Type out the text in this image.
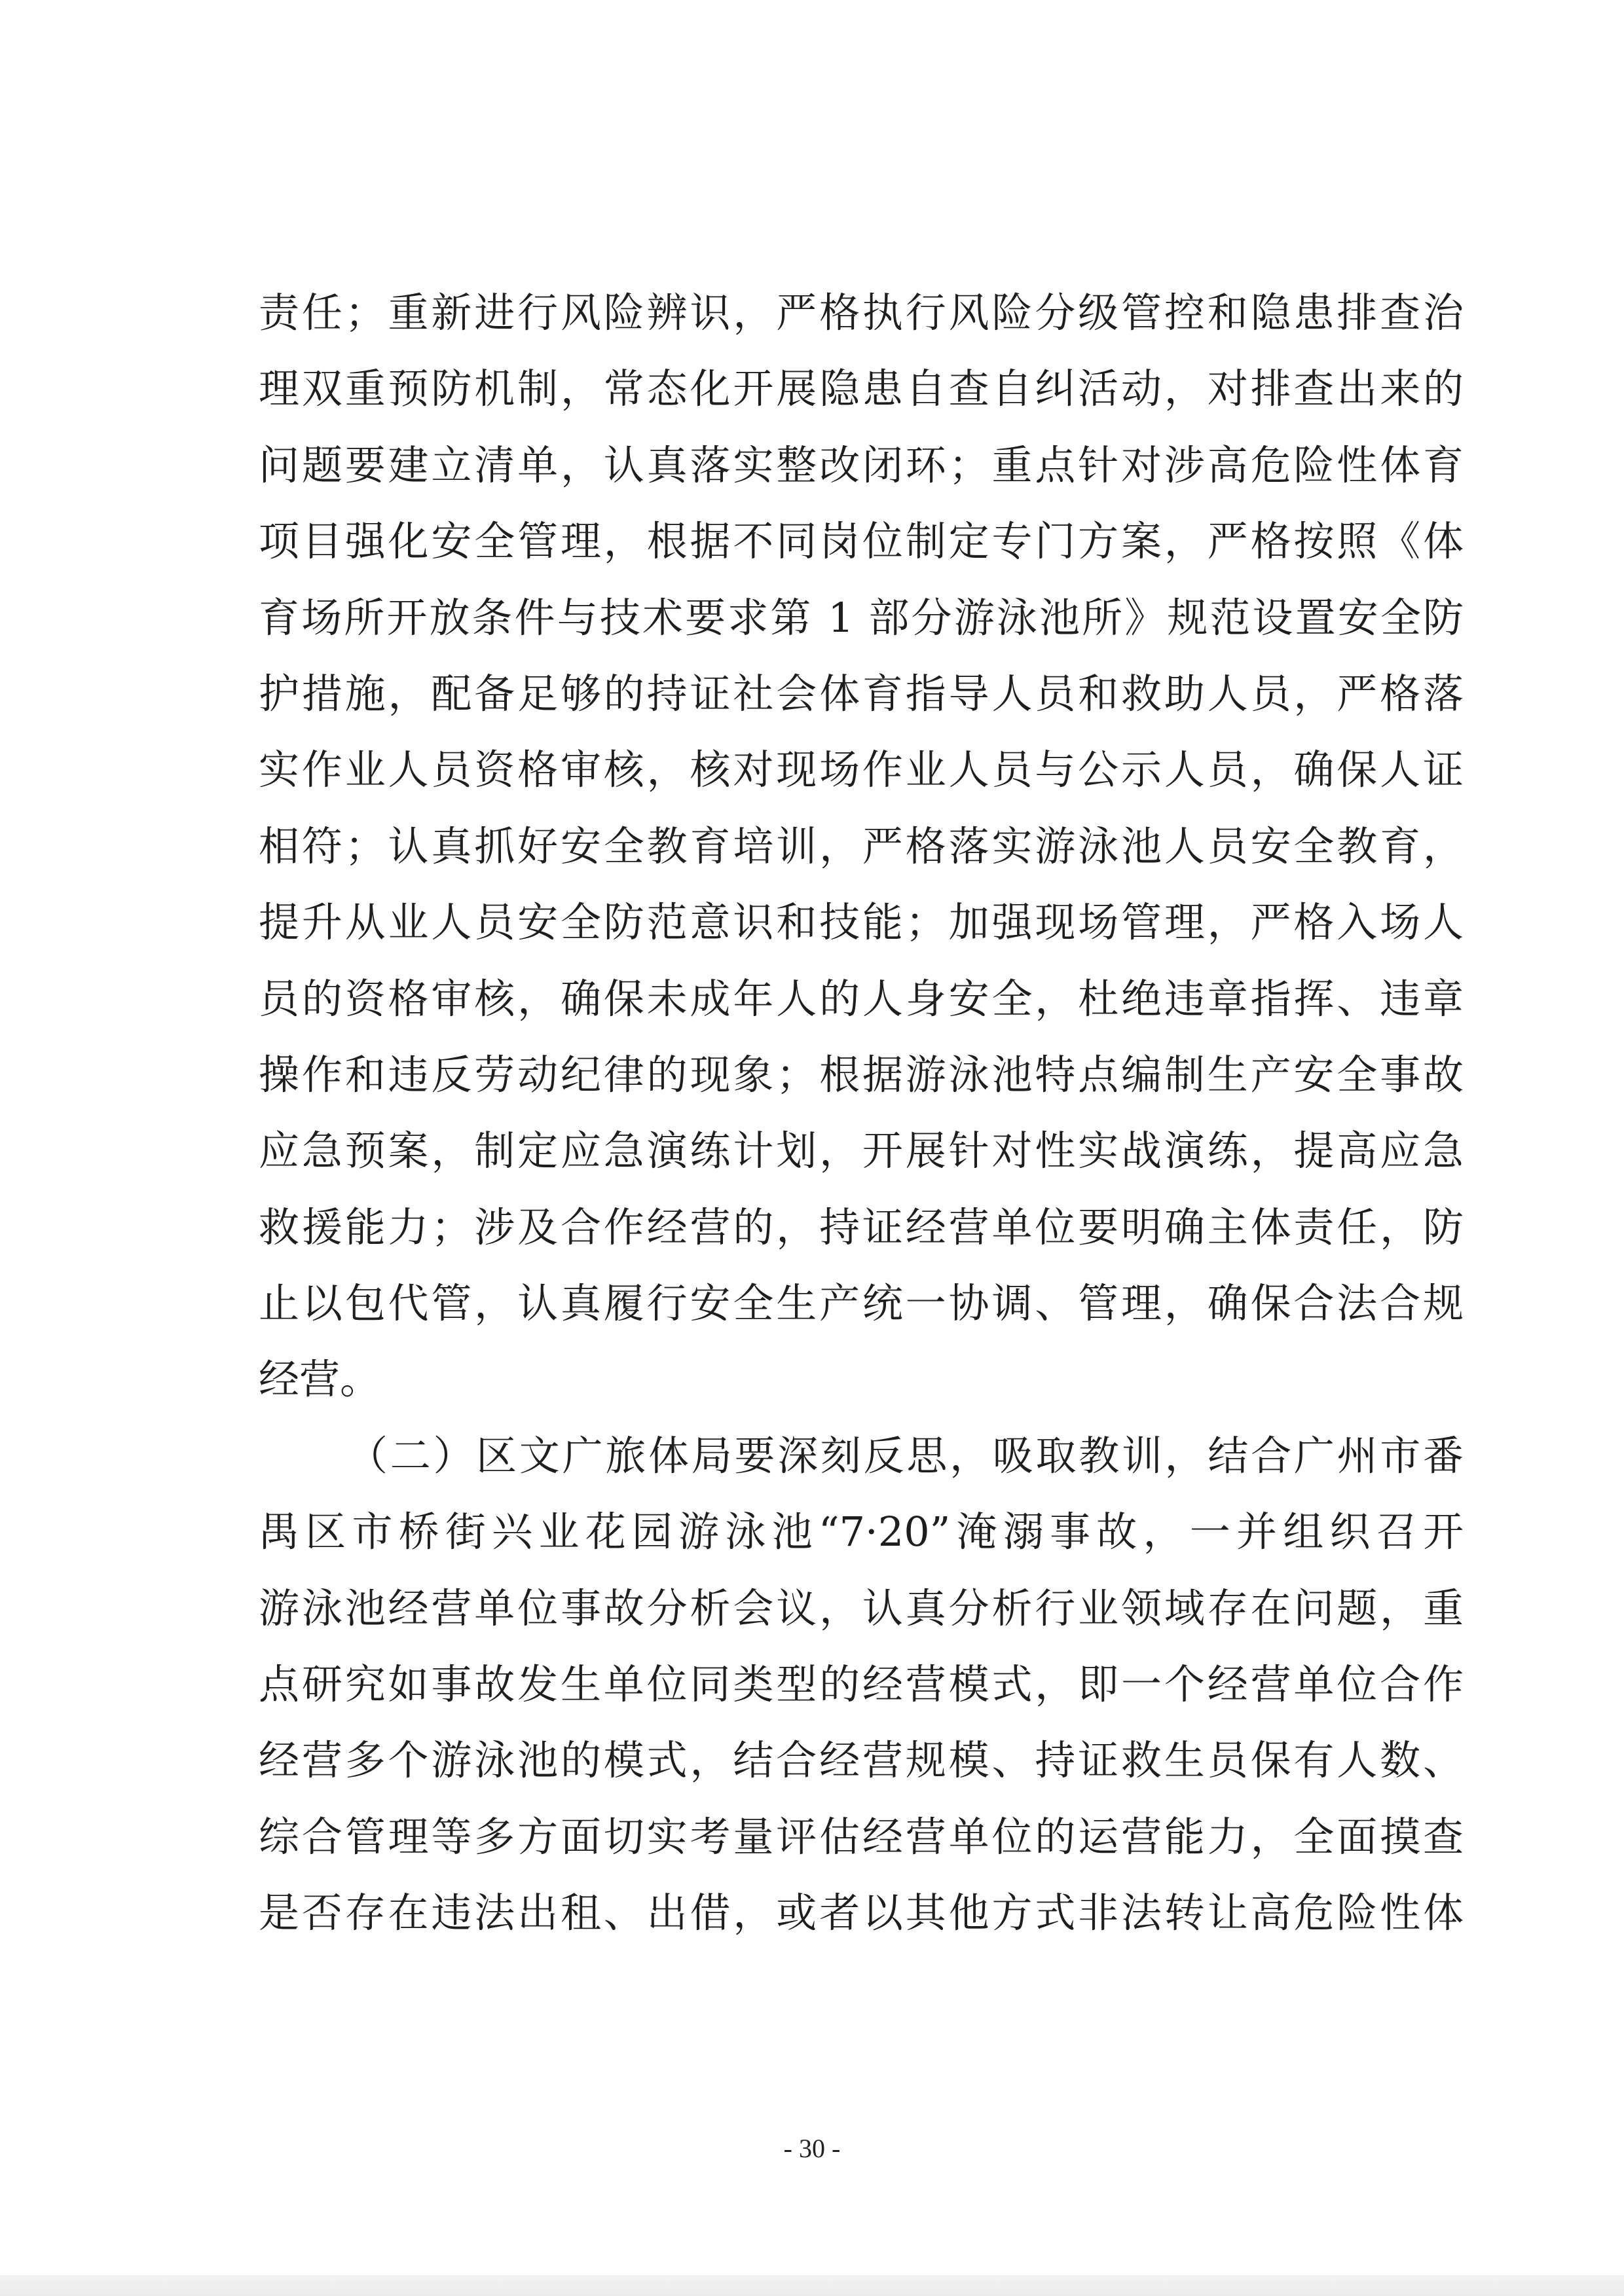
责任；重新进行风险辨识，严格执行风险分级管控和隐患排查治
理双重预防机制，常态化开展隐患自查自纠活动，对排查出来的
问题要建立清单，认真落实整改闭环；重点针对涉高危险性体育
项目强化安全管理，根据不同岗位制定专门方案，严格按照《体
育场所开放条件与技术要求第 1 部分游泳池所》规范设置安全防
护措施，配备足够的持证社会体育指导人员和救助人员，严格落
实作业人员资格审核，核对现场作业人员与公示人员，确保人证
相符；认真抓好安全教育培训，严格落实游泳池人员安全教育，
提升从业人员安全防范意识和技能；加强现场管理，严格入场人
员的资格审核，确保未成年人的人身安全，杜绝违章指挥、违章
操作和违反劳动纪律的现象；根据游泳池特点编制生产安全事故
应急预案，制定应急演练计划，开展针对性实战演练，提高应急
救援能力；涉及合作经营的，持证经营单位要明确主体责任，防
止以包代管，认真履行安全生产统一协调、管理，确保合法合规
经营。
（二）区文广旅体局要深刻反思，吸取教训，结合广州市番
禺区市桥街兴业花园游泳池“7·20”淹溺事故，一并组织召开
游泳池经营单位事故分析会议，认真分析行业领域存在问题，重
点研究如事故发生单位同类型的经营模式，即一个经营单位合作
经营多个游泳池的模式，结合经营规模、持证救生员保有人数、
综合管理等多方面切实考量评估经营单位的运营能力，全面摸查
是否存在违法出租、出借，或者以其他方式非法转让高危险性体
- 30 -
